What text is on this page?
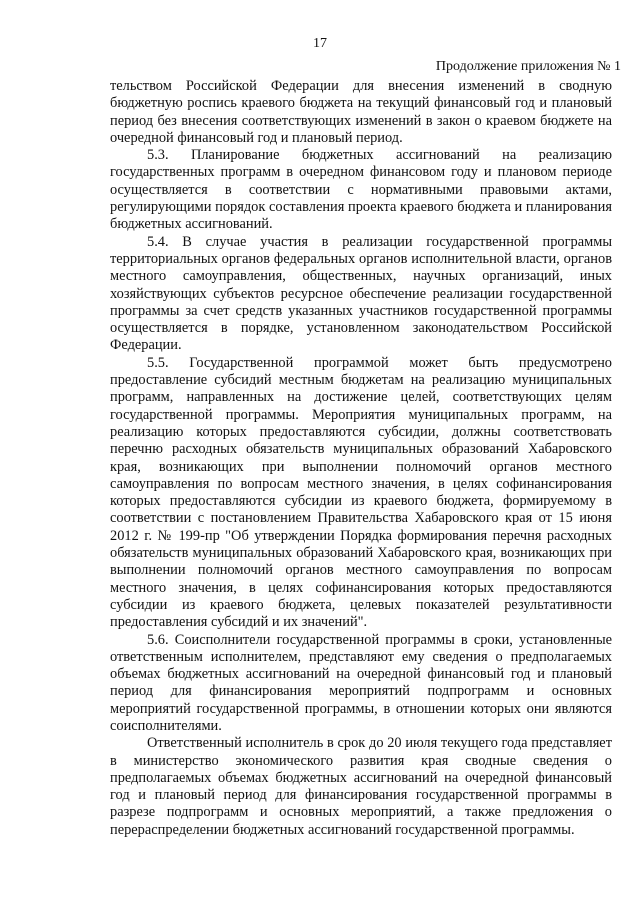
17
Продолжение приложения № 1

тельством Российской Федерации для внесения изменений в сводную бюджетную роспись краевого бюджета на текущий финансовый год и плановый период без внесения соответствующих изменений в закон о краевом бюджете на очередной финансовый год и плановый период.

5.3. Планирование бюджетных ассигнований на реализацию государственных программ в очередном финансовом году и плановом периоде осуществляется в соответствии с нормативными правовыми актами, регулирующими порядок составления проекта краевого бюджета и планирования бюджетных ассигнований.

5.4. В случае участия в реализации государственной программы территориальных органов федеральных органов исполнительной власти, органов местного самоуправления, общественных, научных организаций, иных хозяйствующих субъектов ресурсное обеспечение реализации государственной программы за счет средств указанных участников государственной программы осуществляется в порядке, установленном законодательством Российской Федерации.

5.5. Государственной программой может быть предусмотрено предоставление субсидий местным бюджетам на реализацию муниципальных программ, направленных на достижение целей, соответствующих целям государственной программы. Мероприятия муниципальных программ, на реализацию которых предоставляются субсидии, должны соответствовать перечню расходных обязательств муниципальных образований Хабаровского края, возникающих при выполнении полномочий органов местного самоуправления по вопросам местного значения, в целях софинансирования которых предоставляются субсидии из краевого бюджета, формируемому в соответствии с постановлением Правительства Хабаровского края от 15 июня 2012 г. № 199-пр "Об утверждении Порядка формирования перечня расходных обязательств муниципальных образований Хабаровского края, возникающих при выполнении полномочий органов местного самоуправления по вопросам местного значения, в целях софинансирования которых предоставляются субсидии из краевого бюджета, целевых показателей результативности предоставления субсидий и их значений".

5.6. Соисполнители государственной программы в сроки, установленные ответственным исполнителем, представляют ему сведения о предполагаемых объемах бюджетных ассигнований на очередной финансовый год и плановый период для финансирования мероприятий подпрограмм и основных мероприятий государственной программы, в отношении которых они являются соисполнителями.

Ответственный исполнитель в срок до 20 июля текущего года представляет в министерство экономического развития края сводные сведения о предполагаемых объемах бюджетных ассигнований на очередной финансовый год и плановый период для финансирования государственной программы в разрезе подпрограмм и основных мероприятий, а также предложения о перераспределении бюджетных ассигнований государственной программы.
